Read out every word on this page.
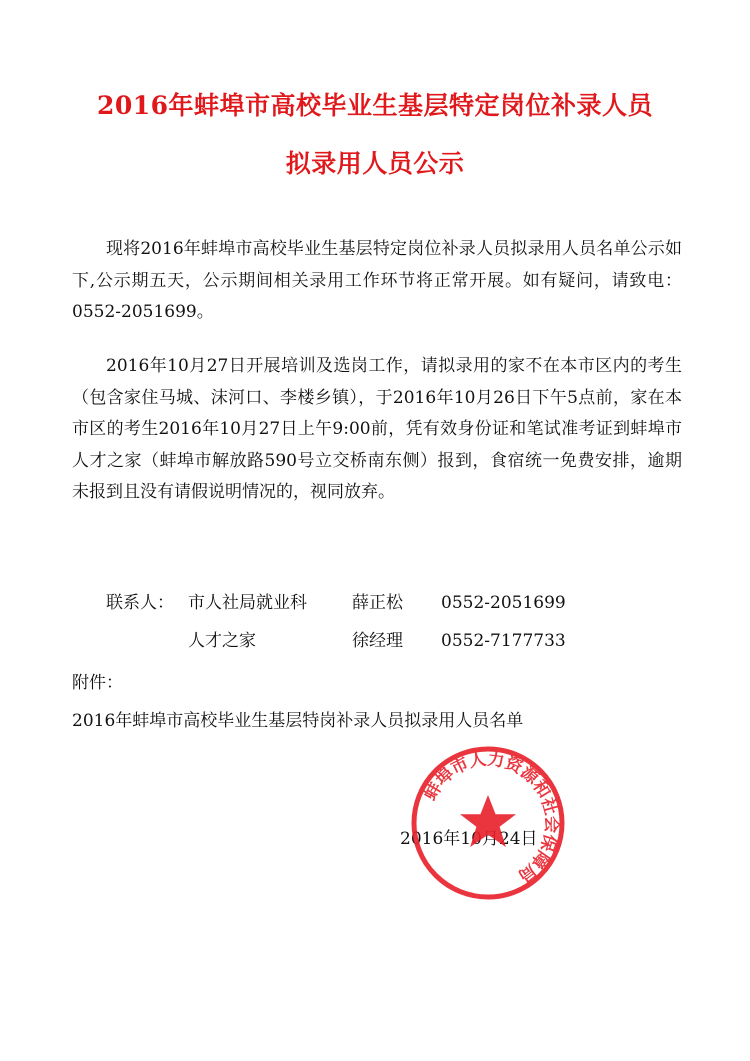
2016年蚌埠市高校毕业生基层特定岗位补录人员
拟录用人员公示

现将2016年蚌埠市高校毕业生基层特定岗位补录人员拟录用人员名单公示如下,公示期五天，公示期间相关录用工作环节将正常开展。如有疑问，请致电：0552-2051699。

2016年10月27日开展培训及选岗工作，请拟录用的家不在本市区内的考生（包含家住马城、沫河口、李楼乡镇），于2016年10月26日下午5点前，家在本市区的考生2016年10月27日上午9:00前，凭有效身份证和笔试准考证到蚌埠市人才之家（蚌埠市解放路590号立交桥南东侧）报到，食宿统一免费安排，逾期未报到且没有请假说明情况的，视同放弃。

联系人： 市人社局就业科	薛正松 0552-2051699
人才之家	徐经理 0552-7177733
附件：
2016年蚌埠市高校毕业生基层特岗补录人员拟录用人员名单
2016年10月24日
蚌埠市人力资源和社会保障局
